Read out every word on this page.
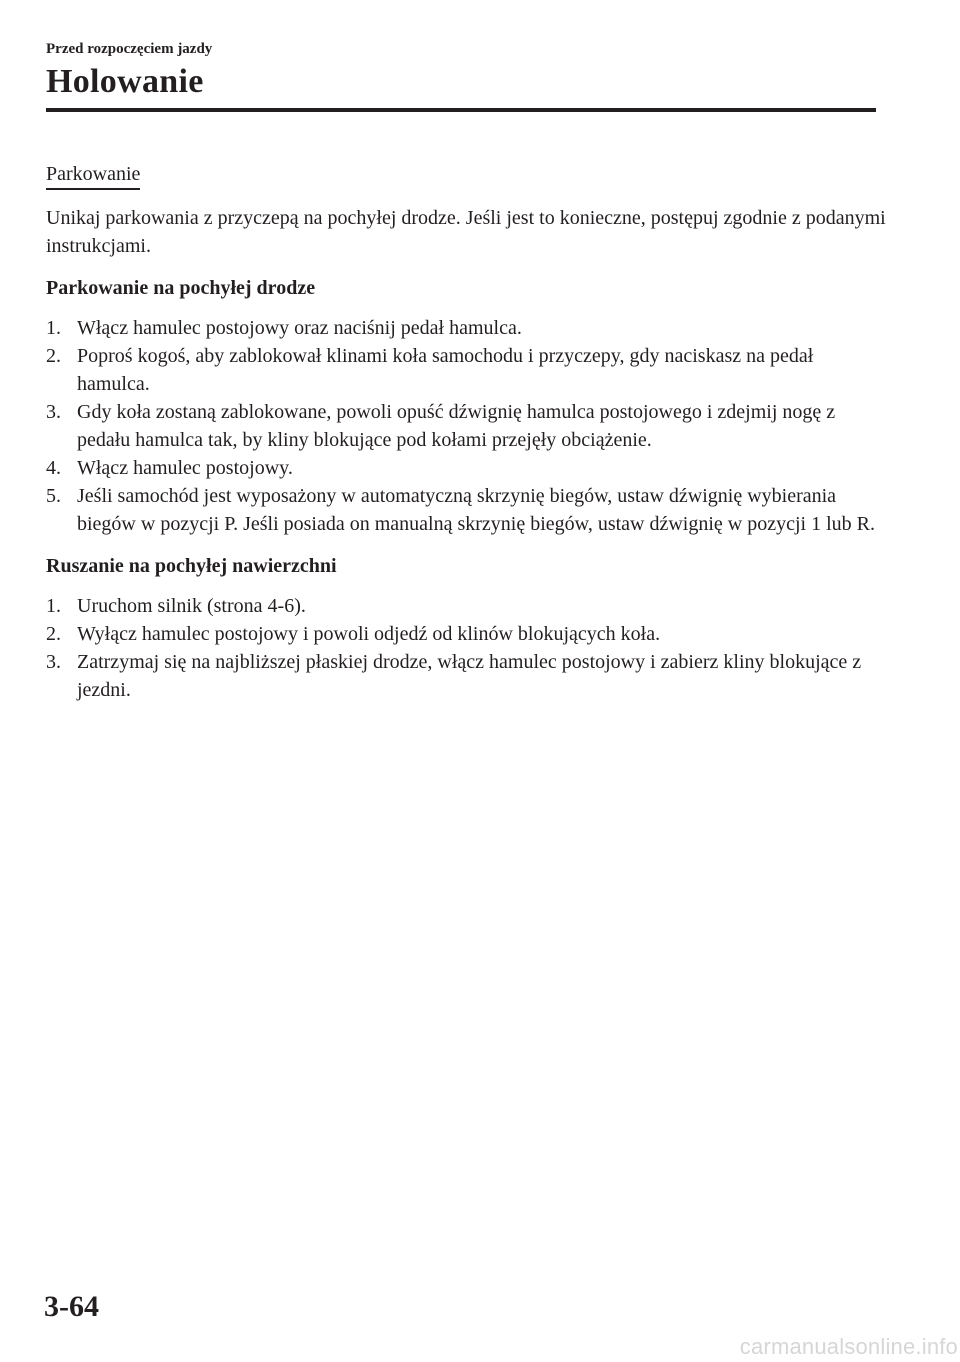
Przed rozpoczęciem jazdy
Holowanie
Parkowanie

Unikaj parkowania z przyczepą na pochyłej drodze. Jeśli jest to konieczne, postępuj zgodnie z podanymi instrukcjami.

Parkowanie na pochyłej drodze

1. Włącz hamulec postojowy oraz naciśnij pedał hamulca.
2. Poproś kogoś, aby zablokował klinami koła samochodu i przyczepy, gdy naciskasz na pedał hamulca.
3. Gdy koła zostaną zablokowane, powoli opuść dźwignię hamulca postojowego i zdejmij nogę z pedału hamulca tak, by kliny blokujące pod kołami przejęły obciążenie.
4. Włącz hamulec postojowy.
5. Jeśli samochód jest wyposażony w automatyczną skrzynię biegów, ustaw dźwignię wybierania biegów w pozycji P. Jeśli posiada on manualną skrzynię biegów, ustaw dźwignię w pozycji 1 lub R.

Ruszanie na pochyłej nawierzchni

1. Uruchom silnik (strona 4-6).
2. Wyłącz hamulec postojowy i powoli odjedź od klinów blokujących koła.
3. Zatrzymaj się na najbliższej płaskiej drodze, włącz hamulec postojowy i zabierz kliny blokujące z jezdni.
3-64
carmanualsonline.info
